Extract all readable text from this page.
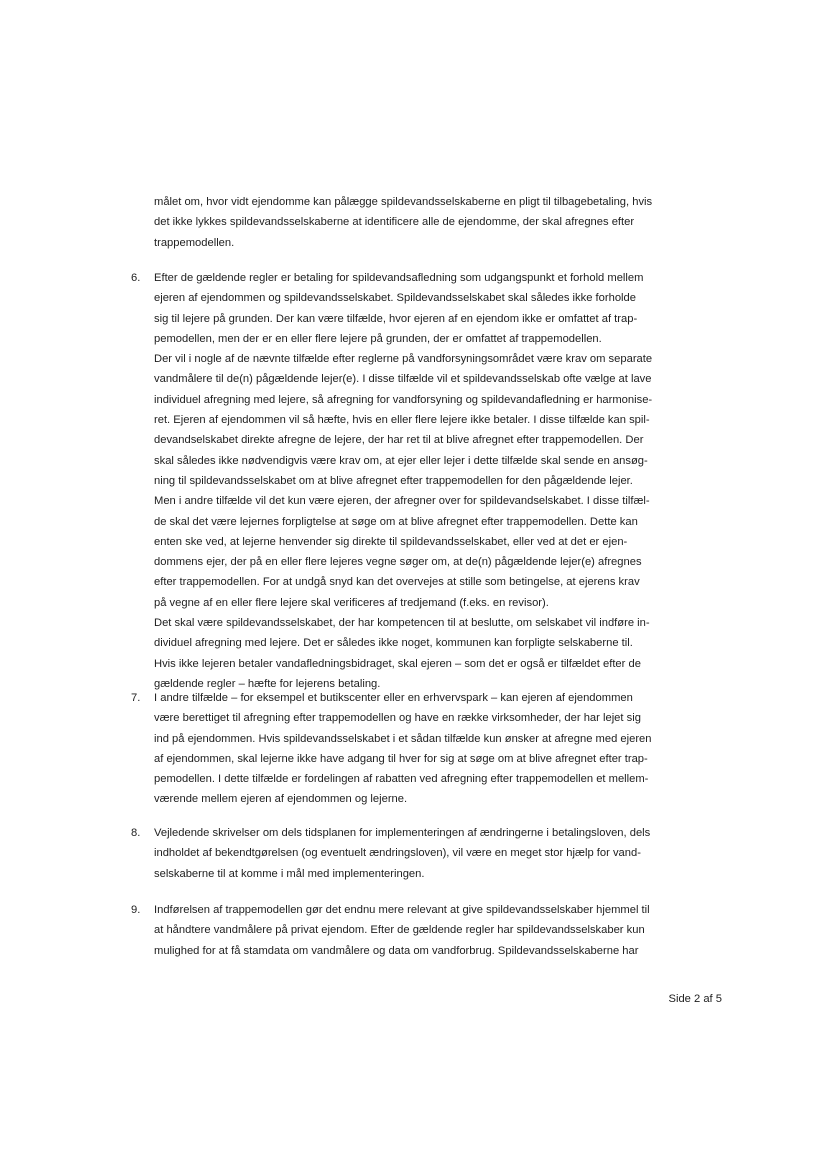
målet om, hvor vidt ejendomme kan pålægge spildevandsselskaberne en pligt til tilbagebetaling, hvis
det ikke lykkes spildevandsselskaberne at identificere alle de ejendomme, der skal afregnes efter
trappemodellen.
6. Efter de gældende regler er betaling for spildevandsafledning som udgangspunkt et forhold mellem
ejeren af ejendommen og spildevandsselskabet. Spildevandsselskabet skal således ikke forholde
sig til lejere på grunden. Der kan være tilfælde, hvor ejeren af en ejendom ikke er omfattet af trap-
pemodellen, men der er en eller flere lejere på grunden, der er omfattet af trappemodellen.
Der vil i nogle af de nævnte tilfælde efter reglerne på vandforsyningsområdet være krav om separate
vandmålere til de(n) pågældende lejer(e). I disse tilfælde vil et spildevandsselskab ofte vælge at lave
individuel afregning med lejere, så afregning for vandforsyning og spildevandafledning er harmonise-
ret. Ejeren af ejendommen vil så hæfte, hvis en eller flere lejere ikke betaler. I disse tilfælde kan spil-
devandselskabet direkte afregne de lejere, der har ret til at blive afregnet efter trappemodellen. Der
skal således ikke nødvendigvis være krav om, at ejer eller lejer i dette tilfælde skal sende en ansøg-
ning til spildevandsselskabet om at blive afregnet efter trappemodellen for den pågældende lejer.
Men i andre tilfælde vil det kun være ejeren, der afregner over for spildevandselskabet. I disse tilfæl-
de skal det være lejernes forpligtelse at søge om at blive afregnet efter trappemodellen. Dette kan
enten ske ved, at lejerne henvender sig direkte til spildevandsselskabet, eller ved at det er ejen-
dommens ejer, der på en eller flere lejeres vegne søger om, at de(n) pågældende lejer(e) afregnes
efter trappemodellen. For at undgå snyd kan det overvejes at stille som betingelse, at ejerens krav
på vegne af en eller flere lejere skal verificeres af tredjemand (f.eks. en revisor).
Det skal være spildevandsselskabet, der har kompetencen til at beslutte, om selskabet vil indføre in-
dividuel afregning med lejere. Det er således ikke noget, kommunen kan forpligte selskaberne til.
Hvis ikke lejeren betaler vandafledningsbidraget, skal ejeren – som det er også er tilfældet efter de
gældende regler – hæfte for lejerens betaling.
7. I andre tilfælde – for eksempel et butikscenter eller en erhvervspark – kan ejeren af ejendommen
være berettiget til afregning efter trappemodellen og have en række virksomheder, der har lejet sig
ind på ejendommen. Hvis spildevandsselskabet i et sådan tilfælde kun ønsker at afregne med ejeren
af ejendommen, skal lejerne ikke have adgang til hver for sig at søge om at blive afregnet efter trap-
pemodellen. I dette tilfælde er fordelingen af rabatten ved afregning efter trappemodellen et mellem-
værende mellem ejeren af ejendommen og lejerne.
8. Vejledende skrivelser om dels tidsplanen for implementeringen af ændringerne i betalingsloven, dels
indholdet af bekendtgørelsen (og eventuelt ændringsloven), vil være en meget stor hjælp for vand-
selskaberne til at komme i mål med implementeringen.
9. Indførelsen af trappemodellen gør det endnu mere relevant at give spildevandsselskaber hjemmel til
at håndtere vandmålere på privat ejendom. Efter de gældende regler har spildevandsselskaber kun
mulighed for at få stamdata om vandmålere og data om vandforbrug. Spildevandsselskaberne har
Side 2 af 5
